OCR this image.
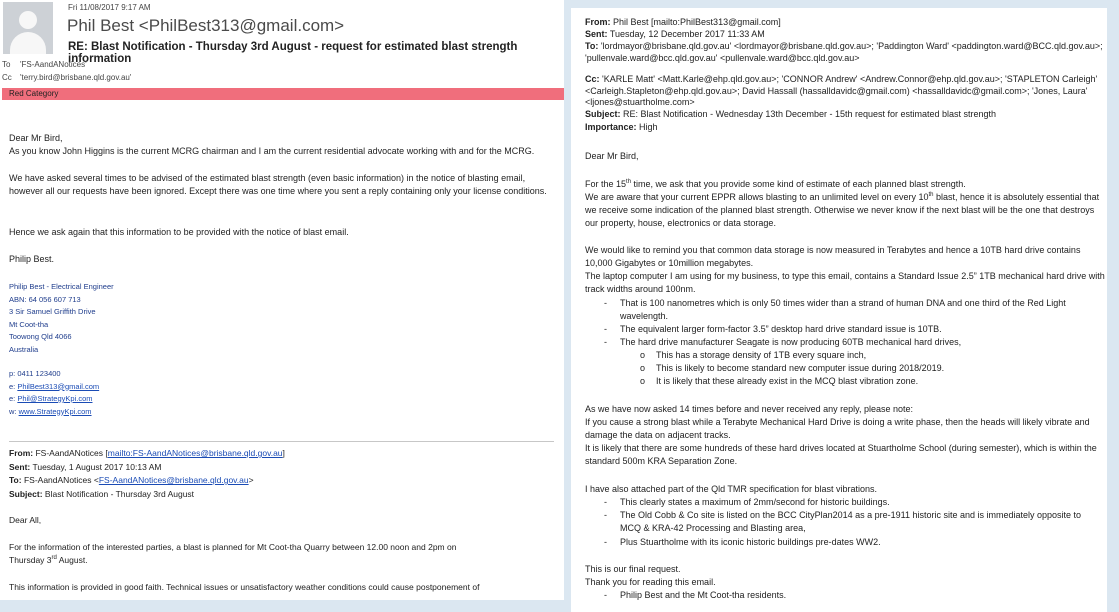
Fri 11/08/2017 9:17 AM
Phil Best <PhilBest313@gmail.com>
RE: Blast Notification - Thursday 3rd August - request for estimated blast strength information
To 'FS-AandANotices'
Cc 'terry.bird@brisbane.qld.gov.au'
Red Category

Dear Mr Bird,

As you know John Higgins is the current MCRG chairman and I am the current residential advocate working with and for the MCRG.

We have asked several times to be advised of the estimated blast strength (even basic information) in the notice of blasting email, however all our requests have been ignored. Except there was one time where you sent a reply containing only your license conditions.

Hence we ask again that this information to be provided with the notice of blast email.

Philip Best.

Philip Best - Electrical Engineer
ABN: 64 056 607 713
3 Sir Samuel Griffith Drive
Mt Coot-tha
Toowong Qld 4066
Australia
p: 0411 123400
e: PhilBest313@gmail.com
e: Phil@StrategyKpi.com
w: www.StrategyKpi.com
From: FS-AandANotices [mailto:FS-AandANotices@brisbane.qld.gov.au]
Sent: Tuesday, 1 August 2017 10:13 AM
To: FS-AandANotices <FS-AandANotices@brisbane.qld.gov.au>
Subject: Blast Notification - Thursday 3rd August
Dear All,
For the information of the interested parties, a blast is planned for Mt Coot-tha Quarry between 12.00 noon and 2pm on
Thursday 3rd August.
This information is provided in good faith. Technical issues or unsatisfactory weather conditions could cause postponement of
From: Phil Best [mailto:PhilBest313@gmail.com]
Sent: Tuesday, 12 December 2017 11:33 AM
To: 'lordmayor@brisbane.qld.gov.au' <lordmayor@brisbane.qld.gov.au>; 'Paddington Ward' <paddington.ward@BCC.qld.gov.au>; 'pullenvale.ward@bcc.qld.gov.au' <pullenvale.ward@bcc.qld.gov.au>
Cc: 'KARLE Matt' <Matt.Karle@ehp.qld.gov.au>; 'CONNOR Andrew' <Andrew.Connor@ehp.qld.gov.au>; 'STAPLETON Carleigh' <Carleigh.Stapleton@ehp.qld.gov.au>; David Hassall (hassalldavidc@gmail.com) <hassalldavidc@gmail.com>; 'Jones, Laura' <ljones@stuartholme.com>
Subject: RE: Blast Notification - Wednesday 13th December - 15th request for estimated blast strength
Importance: High

Dear Mr Bird,

For the 15th time, we ask that you provide some kind of estimate of each planned blast strength.

We are aware that your current EPPR allows blasting to an unlimited level on every 10th blast, hence it is absolutely essential that we receive some indication of the planned blast strength. Otherwise we never know if the next blast will be the one that destroys our property, house, electronics or data storage.

We would like to remind you that common data storage is now measured in Terabytes and hence a 10TB hard drive contains 10,000 Gigabytes or 10million megabytes.

The laptop computer I am using for my business, to type this email, contains a Standard Issue 2.5” 1TB mechanical hard drive with track widths around 100nm.

- That is 100 nanometres which is only 50 times wider than a strand of human DNA and one third of the Red Light wavelength.
- The equivalent larger form-factor 3.5” desktop hard drive standard issue is 10TB.
- The hard drive manufacturer Seagate is now producing 60TB mechanical hard drives,
o This has a storage density of 1TB every square inch,
o This is likely to become standard new computer issue during 2018/2019.
o It is likely that these already exist in the MCQ blast vibration zone.

As we have now asked 14 times before and never received any reply, please note:

If you cause a strong blast while a Terabyte Mechanical Hard Drive is doing a write phase, then the heads will likely vibrate and damage the data on adjacent tracks.

It is likely that there are some hundreds of these hard drives located at Stuartholme School (during semester), which is within the standard 500m KRA Separation Zone.

I have also attached part of the Qld TMR specification for blast vibrations.

- This clearly states a maximum of 2mm/second for historic buildings.
- The Old Cobb & Co site is listed on the BCC CityPlan2014 as a pre-1911 historic site and is immediately opposite to MCQ & KRA-42 Processing and Blasting area,
- Plus Stuartholme with its iconic historic buildings pre-dates WW2.

This is our final request.

Thank you for reading this email.

- Philip Best and the Mt Coot-tha residents.
